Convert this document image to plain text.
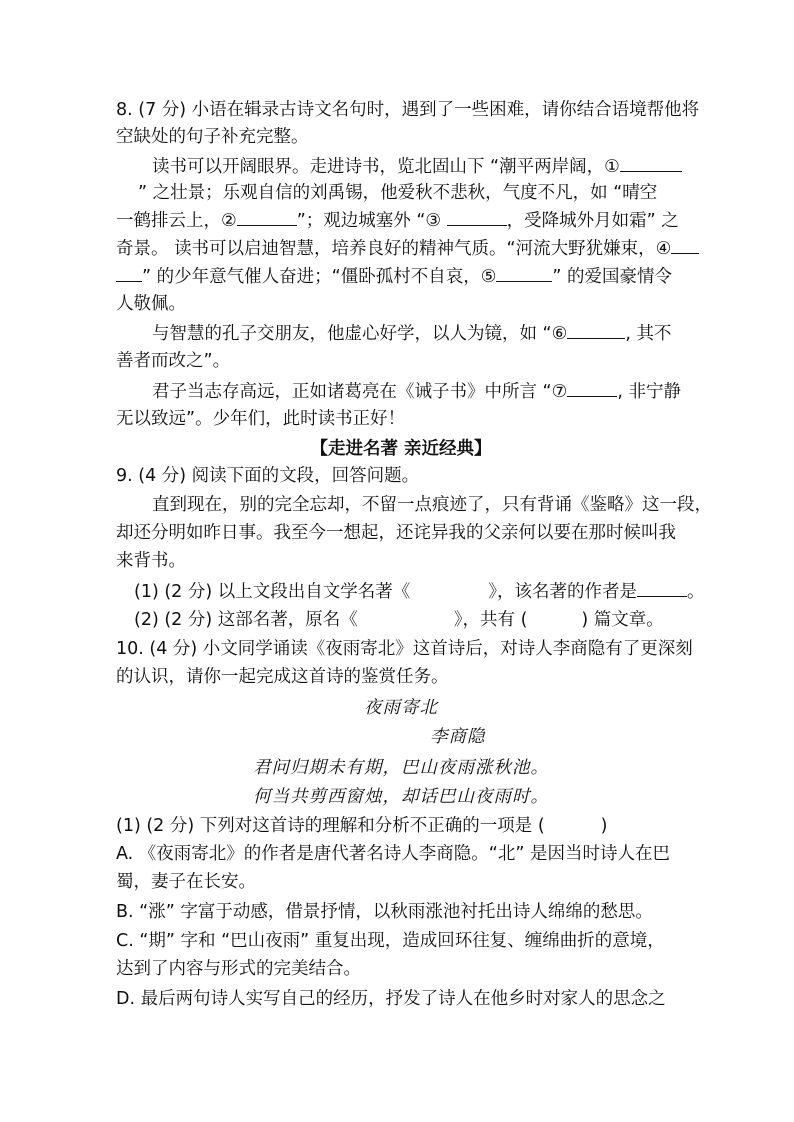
8. (7 分) 小语在辑录古诗文名句时，遇到了一些困难，请你结合语境帮他将
空缺处的句子补充完整。
读书可以开阔眼界。走进诗书，览北固山下 “潮平两岸阔，①
” 之壮景；乐观自信的刘禹锡，他爱秋不悲秋，气度不凡，如 “晴空
一鹤排云上，②	”；观边城塞外 “③	，受降城外月如霜” 之
奇景。 读书可以启迪智慧，培养良好的精神气质。“河流大野犹嫌束，④
” 的少年意气催人奋进；“僵卧孤村不自哀，⑤	” 的爱国豪情令
人敬佩。
与智慧的孔子交朋友，他虚心好学，以人为镜，如 “⑥	, 其不
善者而改之”。
君子当志存高远，正如诸葛亮在《诫子书》中所言 “⑦	, 非宁静
无以致远”。少年们，此时读书正好！
【走进名著 亲近经典】
9. (4 分) 阅读下面的文段，回答问题。
直到现在，别的完全忘却，不留一点痕迹了，只有背诵《鉴略》这一段，
却还分明如昨日事。我至今一想起，还诧异我的父亲何以要在那时候叫我
来背书。
(1) (2 分) 以上文段出自文学名著《	》，该名著的作者是	。
(2) (2 分) 这部名著，原名《	》，共有 (	) 篇文章。
10. (4 分) 小文同学诵读《夜雨寄北》这首诗后，对诗人李商隐有了更深刻
的认识，请你一起完成这首诗的鉴赏任务。
夜雨寄北
李商隐
君问归期未有期，巴山夜雨涨秋池。
何当共剪西窗烛，却话巴山夜雨时。
(1) (2 分) 下列对这首诗的理解和分析不正确的一项是 (	)
A. 《夜雨寄北》的作者是唐代著名诗人李商隐。“北” 是因当时诗人在巴
蜀，妻子在长安。
B. “涨” 字富于动感，借景抒情，以秋雨涨池衬托出诗人绵绵的愁思。
C. “期” 字和 “巴山夜雨” 重复出现，造成回环往复、缠绵曲折的意境，
达到了内容与形式的完美结合。
D. 最后两句诗人实写自己的经历，抒发了诗人在他乡时对家人的思念之
